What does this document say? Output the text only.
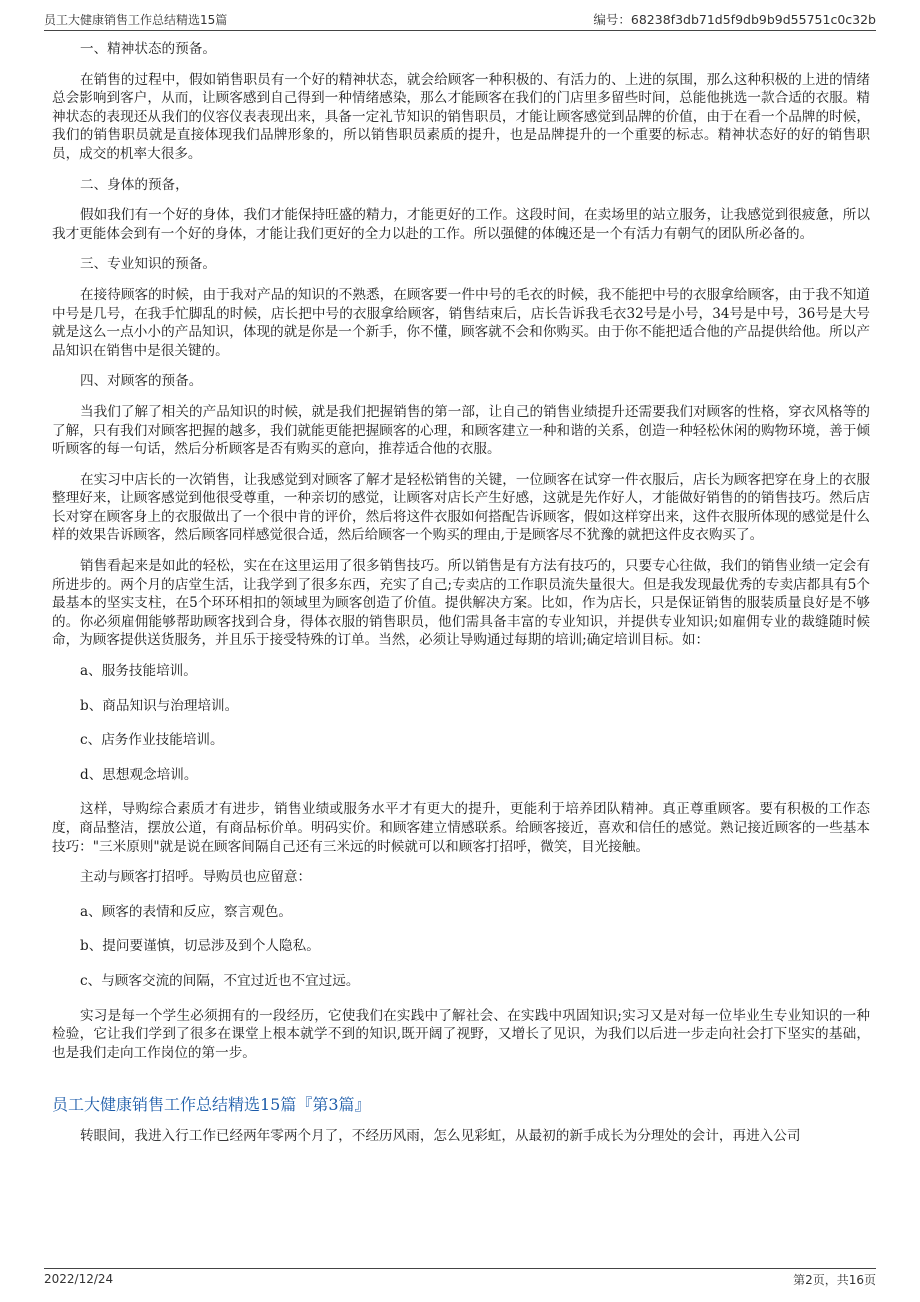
员工大健康销售工作总结精选15篇	编号：68238f3db71d5f9db9b9d55751c0c32b

一、精神状态的预备。

在销售的过程中，假如销售职员有一个好的精神状态，就会给顾客一种积极的、有活力的、上进的氛围，那么这种积极的上进的情绪总会影响到客户，从而，让顾客感到自己得到一种情绪感染，那么才能顾客在我们的门店里多留些时间，总能他挑选一款合适的衣服。精神状态的表现还从我们的仪容仪表表现出来，具备一定礼节知识的销售职员，才能让顾客感觉到品牌的价值，由于在看一个品牌的时候，我们的销售职员就是直接体现我们品牌形象的，所以销售职员素质的提升，也是品牌提升的一个重要的标志。精神状态好的好的销售职员，成交的机率大很多。

二、身体的预备，

假如我们有一个好的身体，我们才能保持旺盛的精力，才能更好的工作。这段时间，在卖场里的站立服务，让我感觉到很疲惫，所以我才更能体会到有一个好的身体，才能让我们更好的全力以赴的工作。所以强健的体魄还是一个有活力有朝气的团队所必备的。

三、专业知识的预备。

在接待顾客的时候，由于我对产品的知识的不熟悉，在顾客要一件中号的毛衣的时候，我不能把中号的衣服拿给顾客，由于我不知道中号是几号，在我手忙脚乱的时候，店长把中号的衣服拿给顾客，销售结束后，店长告诉我毛衣32号是小号，34号是中号，36号是大号就是这么一点小小的产品知识，体现的就是你是一个新手，你不懂，顾客就不会和你购买。由于你不能把适合他的产品提供给他。所以产品知识在销售中是很关键的。

四、对顾客的预备。

当我们了解了相关的产品知识的时候，就是我们把握销售的第一部，让自己的销售业绩提升还需要我们对顾客的性格，穿衣风格等的了解，只有我们对顾客把握的越多，我们就能更能把握顾客的心理，和顾客建立一种和谐的关系，创造一种轻松休闲的购物环境，善于倾听顾客的每一句话，然后分析顾客是否有购买的意向，推荐适合他的衣服。

在实习中店长的一次销售，让我感觉到对顾客了解才是轻松销售的关键，一位顾客在试穿一件衣服后，店长为顾客把穿在身上的衣服整理好来，让顾客感觉到他很受尊重，一种亲切的感觉，让顾客对店长产生好感，这就是先作好人，才能做好销售的的销售技巧。然后店长对穿在顾客身上的衣服做出了一个很中肯的评价，然后将这件衣服如何搭配告诉顾客，假如这样穿出来，这件衣服所体现的感觉是什么样的效果告诉顾客，然后顾客同样感觉很合适，然后给顾客一个购买的理由,于是顾客尽不犹豫的就把这件皮衣购买了。

销售看起来是如此的轻松，实在在这里运用了很多销售技巧。所以销售是有方法有技巧的，只要专心往做，我们的销售业绩一定会有所进步的。两个月的店堂生活，让我学到了很多东西，充实了自己;专卖店的工作职员流失量很大。但是我发现最优秀的专卖店都具有5个最基本的坚实支柱，在5个环环相扣的领域里为顾客创造了价值。提供解决方案。比如，作为店长，只是保证销售的服装质量良好是不够的。你必须雇佣能够帮助顾客找到合身，得体衣服的销售职员，他们需具备丰富的专业知识，并提供专业知识;如雇佣专业的裁缝随时候命，为顾客提供送货服务，并且乐于接受特殊的订单。当然，必须让导购通过每期的培训;确定培训目标。如：

a、服务技能培训。

b、商品知识与治理培训。

c、店务作业技能培训。

d、思想观念培训。

这样，导购综合素质才有进步，销售业绩或服务水平才有更大的提升，更能利于培养团队精神。真正尊重顾客。要有积极的工作态度，商品整洁，摆放公道，有商品标价单。明码实价。和顾客建立情感联系。给顾客接近，喜欢和信任的感觉。熟记接近顾客的一些基本技巧："三米原则"就是说在顾客间隔自己还有三米远的时候就可以和顾客打招呼，微笑，目光接触。

主动与顾客打招呼。导购员也应留意：

a、顾客的表情和反应，察言观色。

b、提问要谨慎，切忌涉及到个人隐私。

c、与顾客交流的间隔，不宜过近也不宜过远。

实习是每一个学生必须拥有的一段经历，它使我们在实践中了解社会、在实践中巩固知识;实习又是对每一位毕业生专业知识的一种检验，它让我们学到了很多在课堂上根本就学不到的知识,既开阔了视野，又增长了见识，为我们以后进一步走向社会打下坚实的基础，也是我们走向工作岗位的第一步。

员工大健康销售工作总结精选15篇『第3篇』

转眼间，我进入行工作已经两年零两个月了，不经历风雨，怎么见彩虹，从最初的新手成长为分理处的会计，再进入公司

2022/12/24	第2页，共16页
